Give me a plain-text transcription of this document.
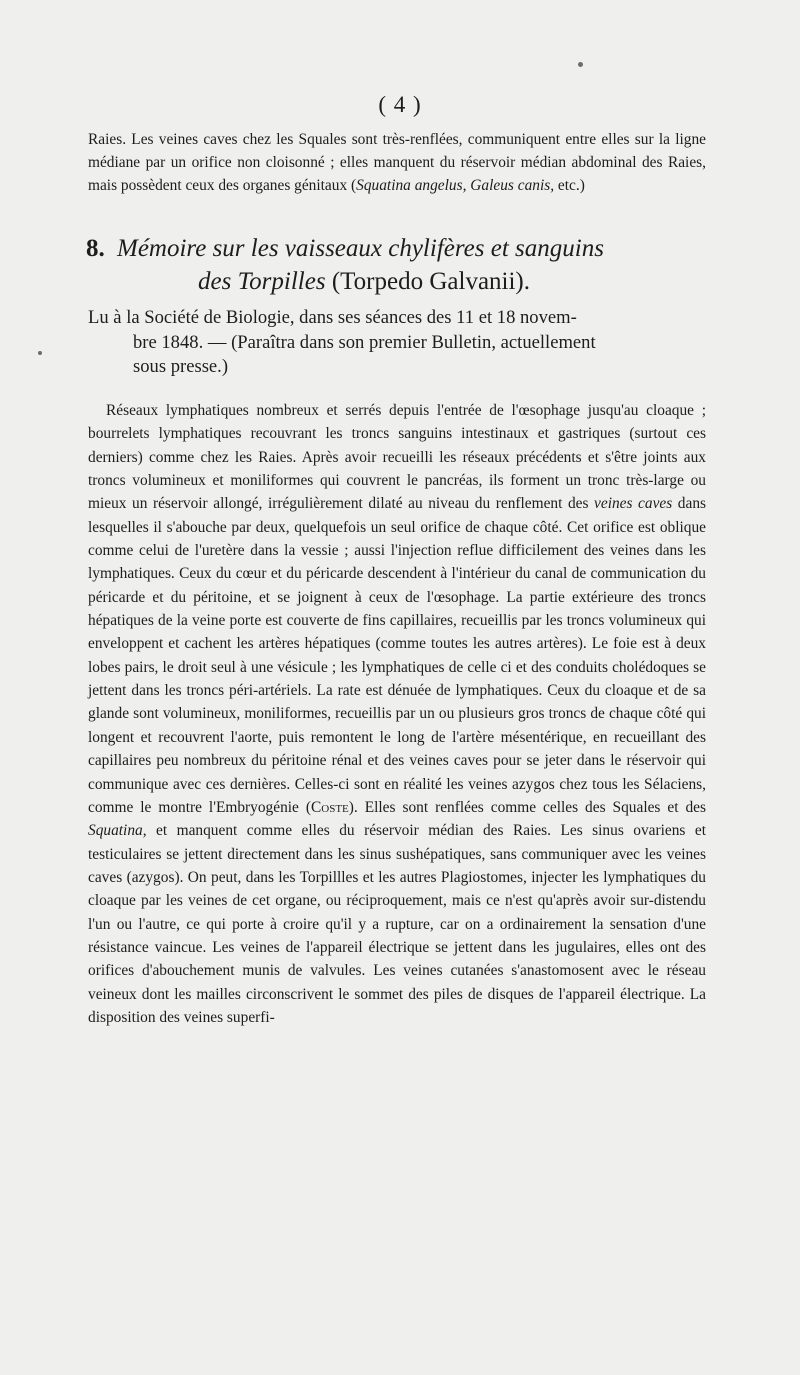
( 4 )
Raies. Les veines caves chez les Squales sont très-renflées, communiquent entre elles sur la ligne médiane par un orifice non cloisonné ; elles manquent du réservoir médian abdominal des Raies, mais possèdent ceux des organes génitaux (Squatina angelus, Galeus canis, etc.)
8. Mémoire sur les vaisseaux chylifères et sanguins
des Torpilles (Torpedo Galvanii).
Lu à la Société de Biologie, dans ses séances des 11 et 18 novem-
bre 1848. — (Paraîtra dans son premier Bulletin, actuellement
sous presse.)

Réseaux lymphatiques nombreux et serrés depuis l'entrée de l'œsophage jusqu'au cloaque ; bourrelets lymphatiques recouvrant les troncs sanguins intestinaux et gastriques (surtout ces derniers) comme chez les Raies. Après avoir recueilli les réseaux précédents et s'être joints aux troncs volumineux et moniliformes qui couvrent le pancréas, ils forment un tronc très-large ou mieux un réservoir allongé, irrégulièrement dilaté au niveau du renflement des veines caves dans lesquelles il s'abouche par deux, quelquefois un seul orifice de chaque côté. Cet orifice est oblique comme celui de l'uretère dans la vessie ; aussi l'injection reflue difficilement des veines dans les lymphatiques. Ceux du cœur et du péricarde descendent à l'intérieur du canal de communication du péricarde et du péritoine, et se joignent à ceux de l'œsophage. La partie extérieure des troncs hépatiques de la veine porte est couverte de fins capillaires, recueillis par les troncs volumineux qui enveloppent et cachent les artères hépatiques (comme toutes les autres artères). Le foie est à deux lobes pairs, le droit seul à une vésicule ; les lymphatiques de celle ci et des conduits cholédoques se jettent dans les troncs péri-artériels. La rate est dénuée de lymphatiques. Ceux du cloaque et de sa glande sont volumineux, moniliformes, recueillis par un ou plusieurs gros troncs de chaque côté qui longent et recouvrent l'aorte, puis remontent le long de l'artère mésentérique, en recueillant des capillaires peu nombreux du péritoine rénal et des veines caves pour se jeter dans le réservoir qui communique avec ces dernières. Celles-ci sont en réalité les veines azygos chez tous les Sélaciens, comme le montre l'Embryogénie (Coste). Elles sont renflées comme celles des Squales et des Squatina, et manquent comme elles du réservoir médian des Raies. Les sinus ovariens et testiculaires se jettent directement dans les sinus sushépatiques, sans communiquer avec les veines caves (azygos). On peut, dans les Torpillles et les autres Plagiostomes, injecter les lymphatiques du cloaque par les veines de cet organe, ou réciproquement, mais ce n'est qu'après avoir sur-distendu l'un ou l'autre, ce qui porte à croire qu'il y a rupture, car on a ordinairement la sensation d'une résistance vaincue. Les veines de l'appareil électrique se jettent dans les jugulaires, elles ont des orifices d'abouchement munis de valvules. Les veines cutanées s'anastomosent avec le réseau veineux dont les mailles circonscrivent le sommet des piles de disques de l'appareil électrique. La disposition des veines superfi-
